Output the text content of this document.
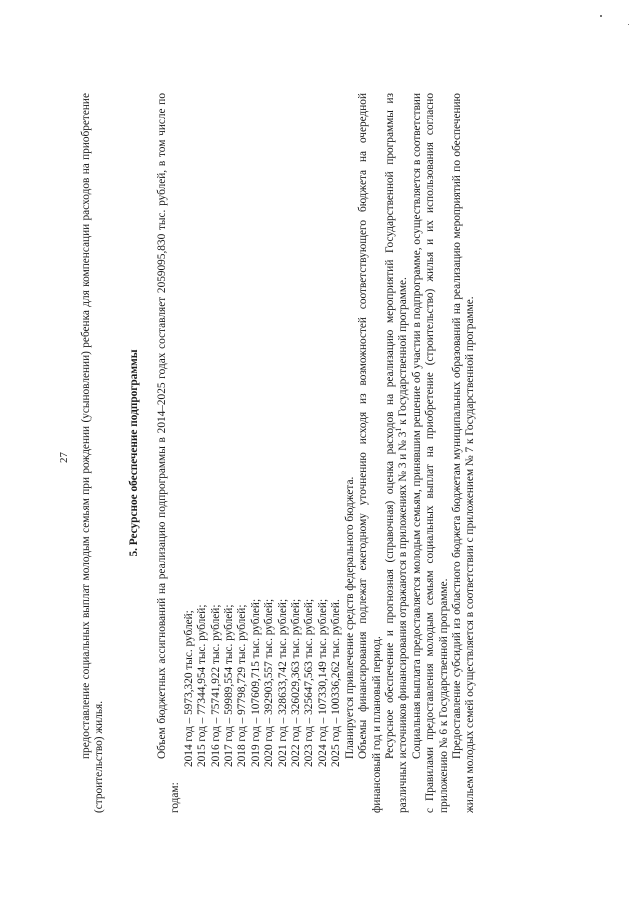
27 предоставление социальных выплат молодым семьям при рождении (усыновлении) ребенка для компенсации расходов на приобретение (строительство) жилья.

5. Ресурсное обеспечение подпрограммы Объем бюджетных ассигнований на реализацию подпрограммы в 2014–2025 годах составляет 2059095,830 тыс. рублей, в том числе по годам:

2014 год – 5973,320 тыс. рублей; 2015 год – 77344,954 тыс. рублей; 2016 год – 75741,922 тыс. рублей; 2017 год – 59989,554 тыс. рублей; 2018 год – 97798,729 тыс. рублей; 2019 год – 107609,715 тыс. рублей; 2020 год – 392903,557 тыс. рублей; 2021 год – 328633,742 тыс. рублей; 2022 год – 326029,363 тыс. рублей; 2023 год – 325647,563 тыс. рублей; 2024 год – 107330,149 тыс. рублей; 2025 год – 100336,262 тыс. рублей. Планируется привлечение средств федерального бюджета. Объемы финансирования подлежат ежегодному уточнению исходя из возможностей соответствующего бюджета на очередной финансовый год и плановый период. Ресурсное обеспечение и прогнозная (справочная) оценка расходов на реализацию мероприятий Государственной программы из различных источников финансирования отражаются в приложениях № 3 и № $3^1$ к Государственной программе. Социальная выплата предоставляется молодым семьям, принявшим решение об участии в подпрограмме, осуществляется в соответствии с Правилами предоставления молодым семьям социальных выплат на приобретение (строительство) жилья и их использования согласно приложению № 6 к Государственной программе. Предоставление субсидий из областного бюджета бюджетам муниципальных образований на реализацию мероприятий по обеспечению жильем молодых семей осуществляется в соответствии с приложением № 7 к Государственной программе.
